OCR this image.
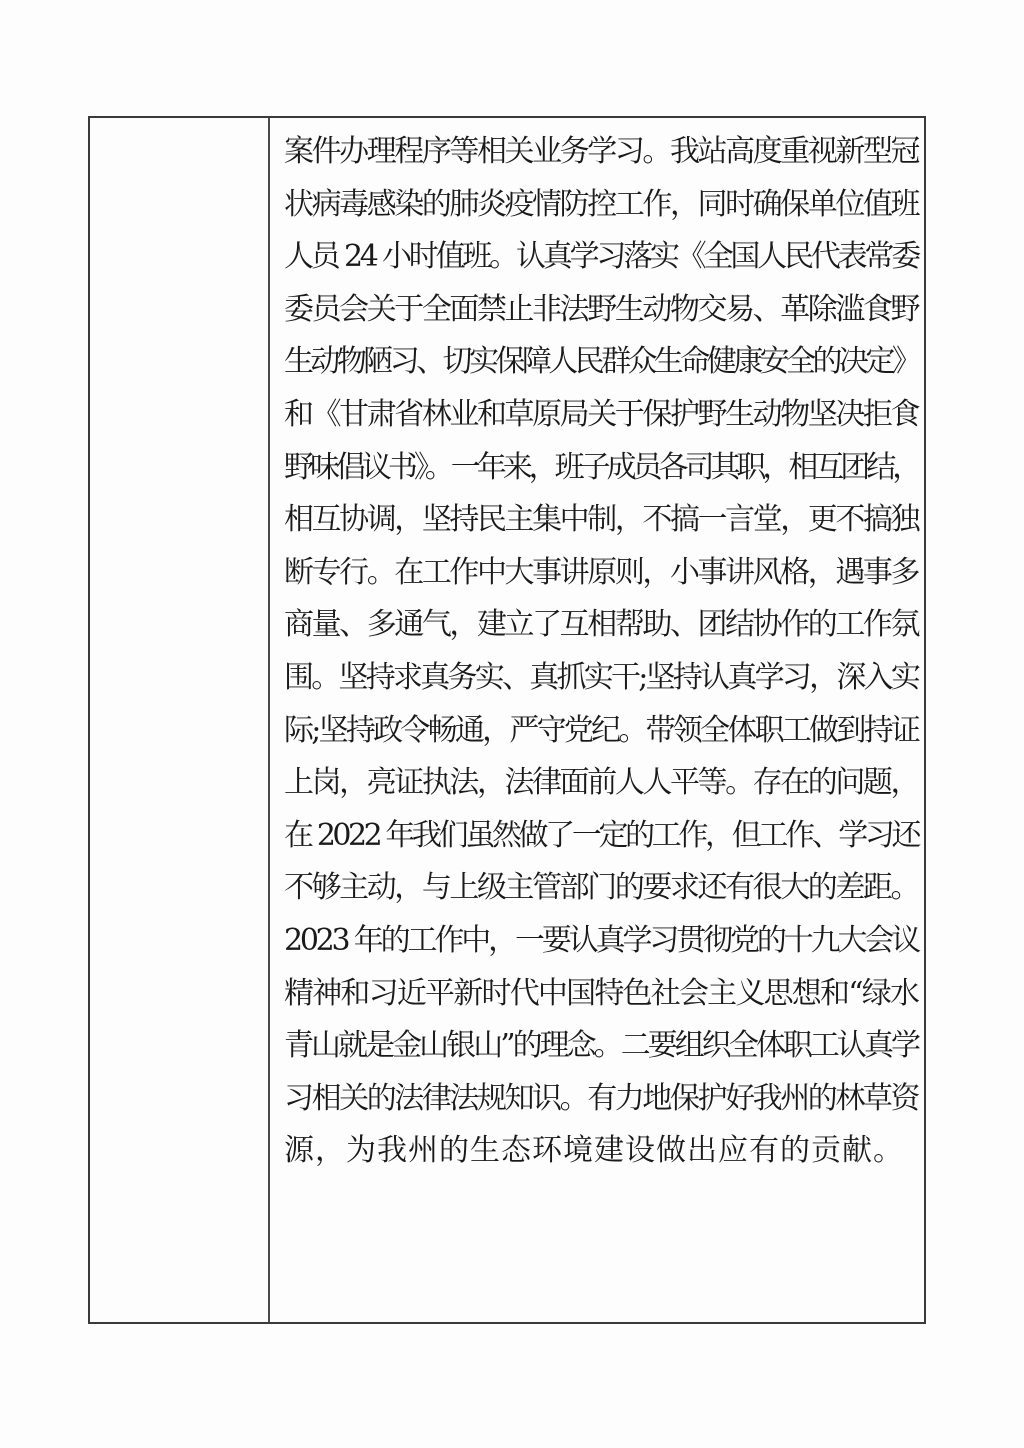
案件办理程序等相关业务学习。我站高度重视新型冠
状病毒感染的肺炎疫情防控工作，同时确保单位值班
人员 24 小时值班。认真学习落实《全国人民代表常委
委员会关于全面禁止非法野生动物交易、革除滥食野
生动物陋习、切实保障人民群众生命健康安全的决定》
和《甘肃省林业和草原局关于保护野生动物坚决拒食
野味倡议书》。一年来，班子成员各司其职，相互团结，
相互协调，坚持民主集中制，不搞一言堂，更不搞独
断专行。在工作中大事讲原则，小事讲风格，遇事多
商量、多通气，建立了互相帮助、团结协作的工作氛
围。坚持求真务实、真抓实干;坚持认真学习，深入实
际;坚持政令畅通，严守党纪。带领全体职工做到持证
上岗，亮证执法，法律面前人人平等。存在的问题，
在 2022 年我们虽然做了一定的工作，但工作、学习还
不够主动，与上级主管部门的要求还有很大的差距。
2023 年的工作中，一要认真学习贯彻党的十九大会议
精神和习近平新时代中国特色社会主义思想和“绿水
青山就是金山银山”的理念。二要组织全体职工认真学
习相关的法律法规知识。有力地保护好我州的林草资
源，为我州的生态环境建设做出应有的贡献。
